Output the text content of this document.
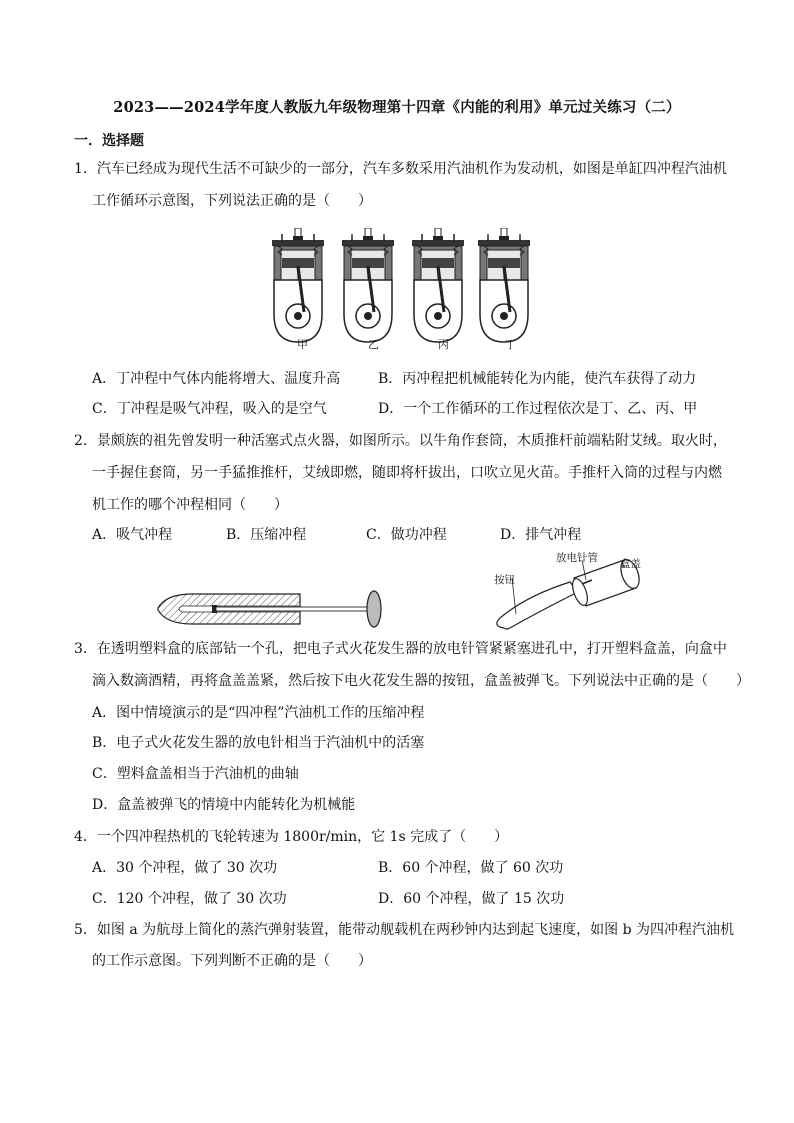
2023——2024学年度人教版九年级物理第十四章《内能的利用》单元过关练习（二）
一．选择题
1．汽车已经成为现代生活不可缺少的一部分，汽车多数采用汽油机作为发动机，如图是单缸四冲程汽油机
工作循环示意图，下列说法正确的是（　　）
甲	乙	丙	丁
A．丁冲程中气体内能将增大、温度升高	B．丙冲程把机械能转化为内能，使汽车获得了动力
C．丁冲程是吸气冲程，吸入的是空气	D．一个工作循环的工作过程依次是丁、乙、丙、甲
2．景颇族的祖先曾发明一种活塞式点火器，如图所示。以牛角作套筒，木质推杆前端粘附艾绒。取火时，
一手握住套筒，另一手猛推推杆，艾绒即燃，随即将杆拔出，口吹立见火苗。手推杆入筒的过程与内燃
机工作的哪个冲程相同（　　）
A．吸气冲程	B．压缩冲程	C．做功冲程	D．排气冲程
放电针管 盒盖
按钮
3．在透明塑料盒的底部钻一个孔，把电子式火花发生器的放电针管紧紧塞进孔中，打开塑料盒盖，向盒中
滴入数滴酒精，再将盒盖盖紧，然后按下电火花发生器的按钮，盒盖被弹飞。下列说法中正确的是（　　）
A．图中情境演示的是“四冲程”汽油机工作的压缩冲程
B．电子式火花发生器的放电针相当于汽油机中的活塞
C．塑料盒盖相当于汽油机的曲轴
D．盒盖被弹飞的情境中内能转化为机械能
4．一个四冲程热机的飞轮转速为 1800r/min，它 1s 完成了（　　）
A．30 个冲程，做了 30 次功	B．60 个冲程，做了 60 次功
C．120 个冲程，做了 30 次功	D．60 个冲程，做了 15 次功
5．如图 a 为航母上简化的蒸汽弹射装置，能带动舰载机在两秒钟内达到起飞速度，如图 b 为四冲程汽油机
的工作示意图。下列判断不正确的是（　　）
